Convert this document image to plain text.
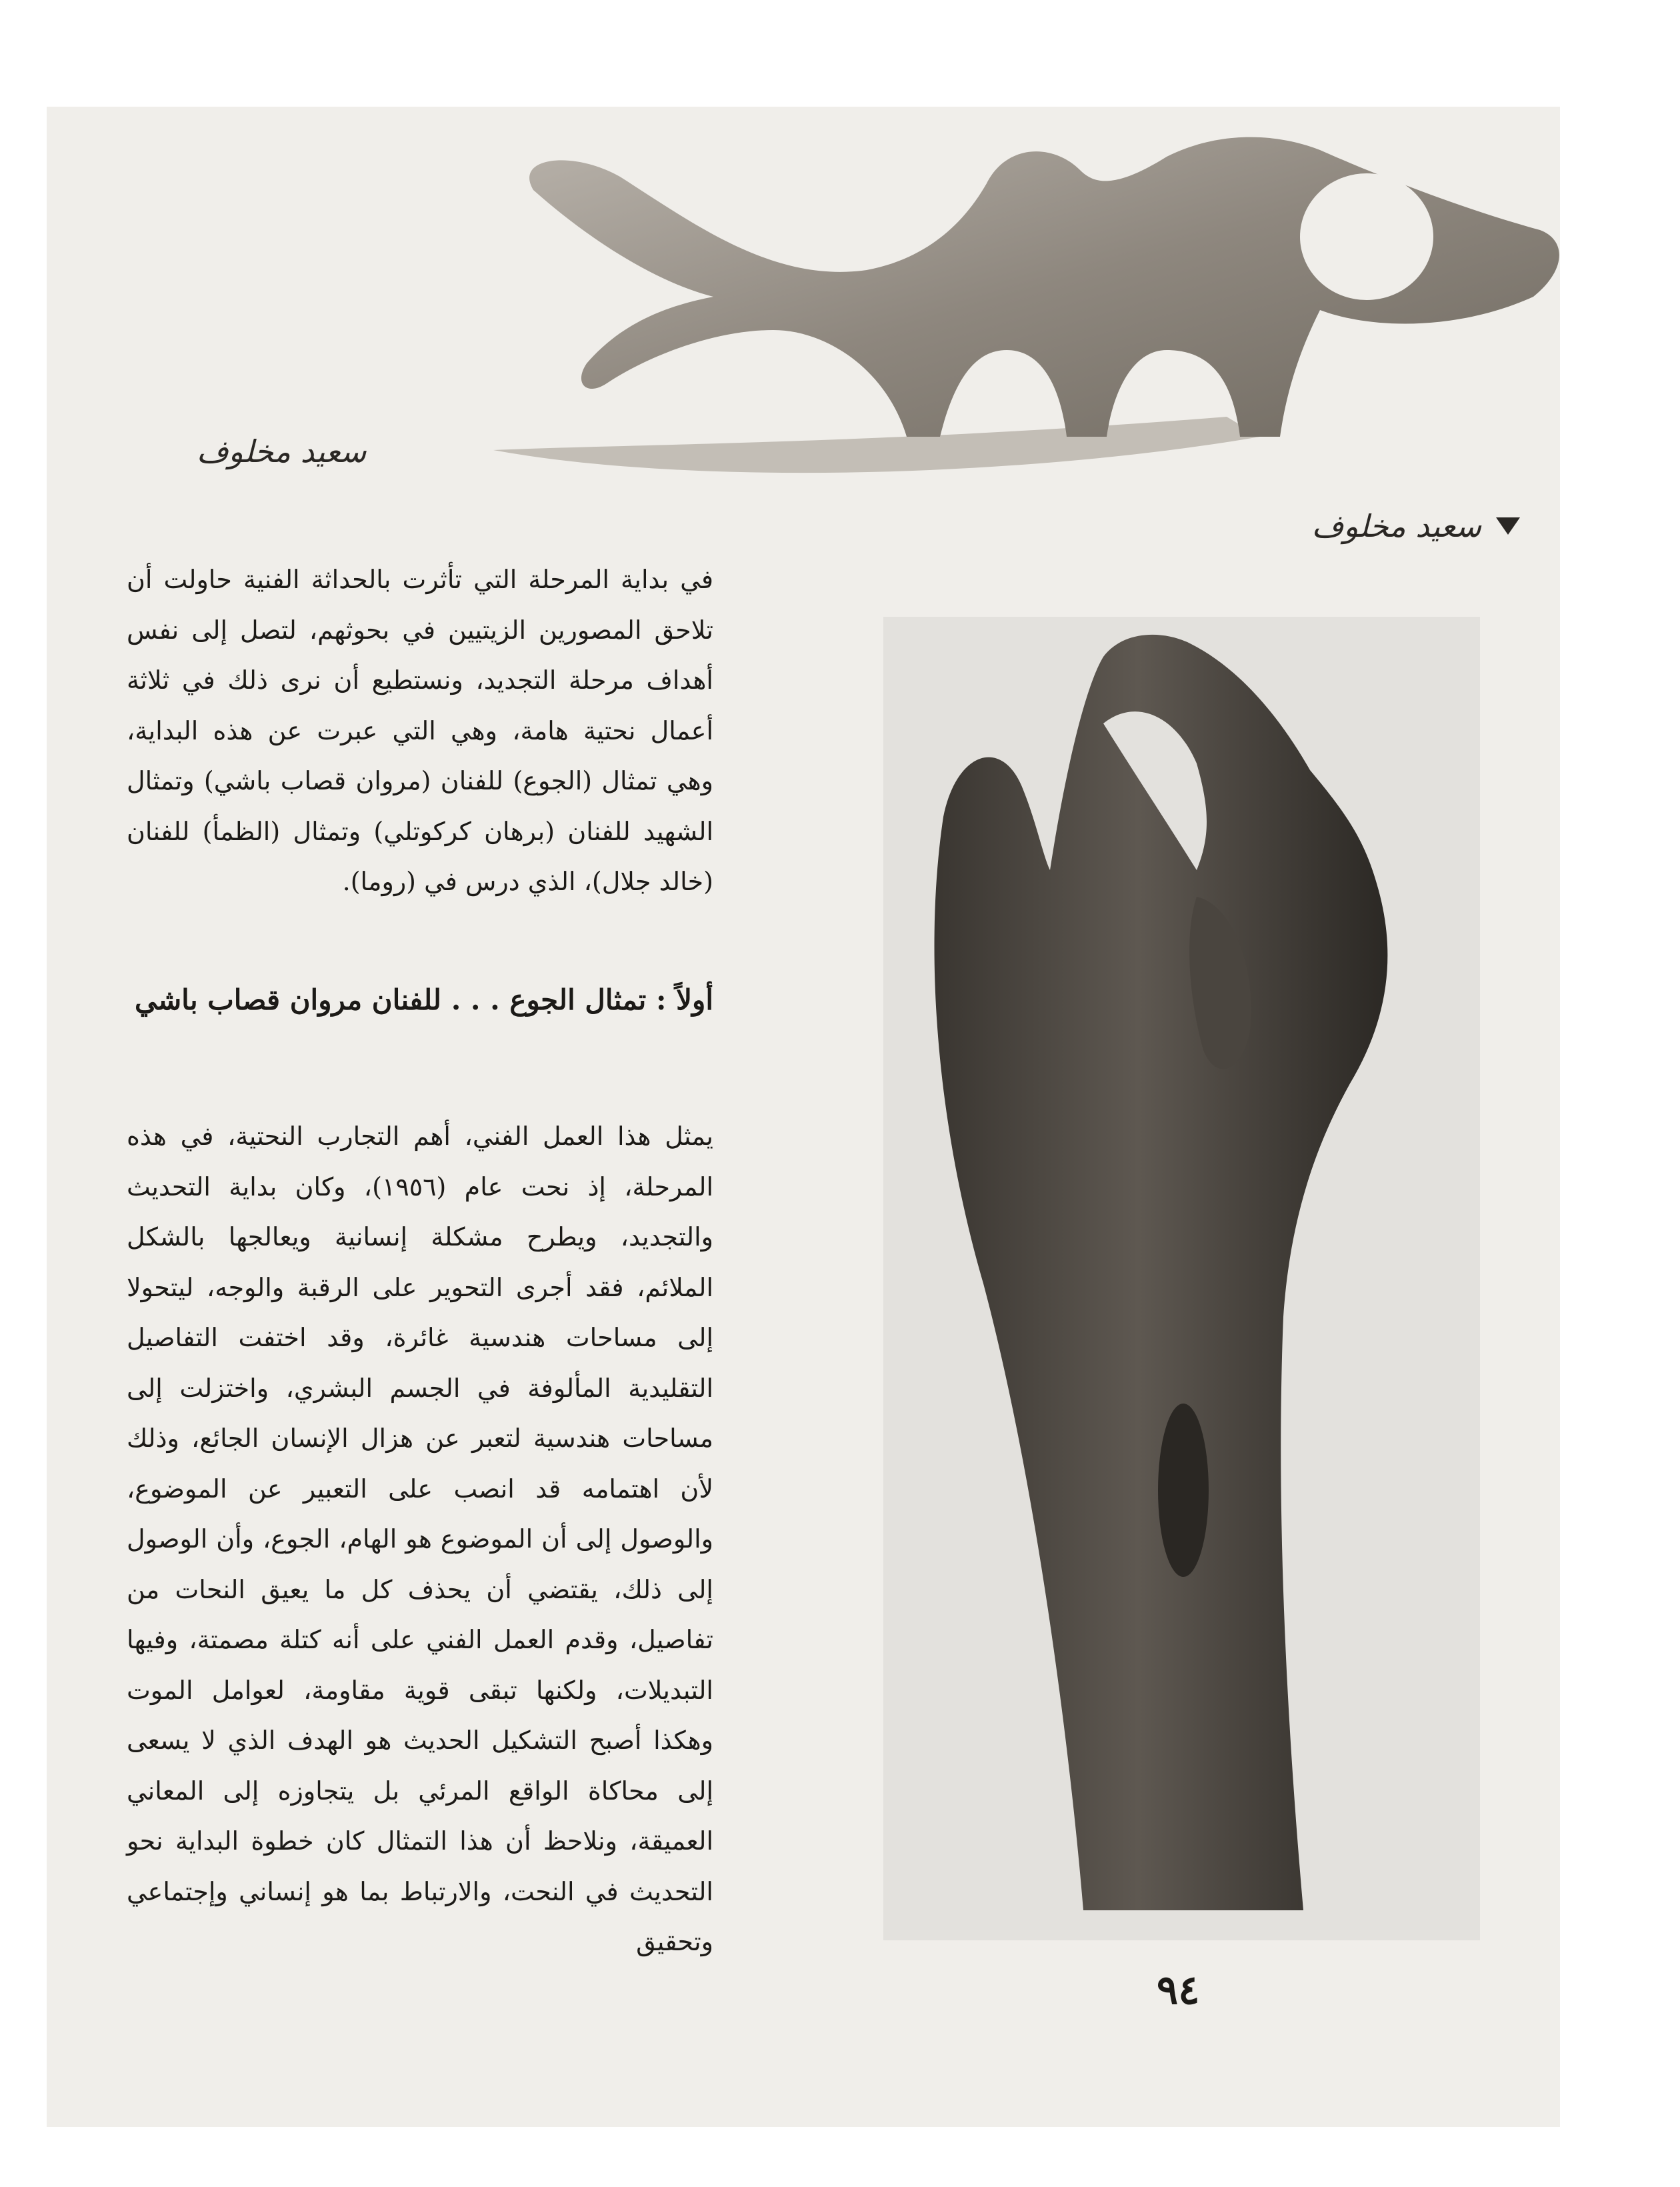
سعيد مخلوف
سعيد مخلوف

في بداية المرحلة التي تأثرت بالحداثة الفنية حاولت أن تلاحق المصورين الزيتيين في بحوثهم، لتصل إلى نفس أهداف مرحلة التجديد، ونستطيع أن نرى ذلك في ثلاثة أعمال نحتية هامة، وهي التي عبرت عن هذه البداية، وهي تمثال (الجوع) للفنان (مروان قصاب باشي) وتمثال الشهيد للفنان (برهان كركوتلي) وتمثال (الظمأ) للفنان (خالد جلال)، الذي درس في (روما).

يمثل هذا العمل الفني، أهم التجارب النحتية، في هذه المرحلة، إذ نحت عام (١٩٥٦)، وكان بداية التحديث والتجديد، ويطرح مشكلة إنسانية ويعالجها بالشكل الملائم، فقد أجرى التحوير على الرقبة والوجه، ليتحولا إلى مساحات هندسية غائرة، وقد اختفت التفاصيل التقليدية المألوفة في الجسم البشري، واختزلت إلى مساحات هندسية لتعبر عن هزال الإنسان الجائع، وذلك لأن اهتمامه قد انصب على التعبير عن الموضوع، والوصول إلى أن الموضوع هو الهام، الجوع، وأن الوصول إلى ذلك، يقتضي أن يحذف كل ما يعيق النحات من تفاصيل، وقدم العمل الفني على أنه كتلة مصمتة، وفيها التبديلات، ولكنها تبقى قوية مقاومة، لعوامل الموت وهكذا أصبح التشكيل الحديث هو الهدف الذي لا يسعى إلى محاكاة الواقع المرئي بل يتجاوزه إلى المعاني العميقة، ونلاحظ أن هذا التمثال كان خطوة البداية نحو التحديث في النحت، والارتباط بما هو إنساني وإجتماعي وتحقيق

أولاً : تمثال الجوع . . . للفنان مروان قصاب باشي
٩٤
